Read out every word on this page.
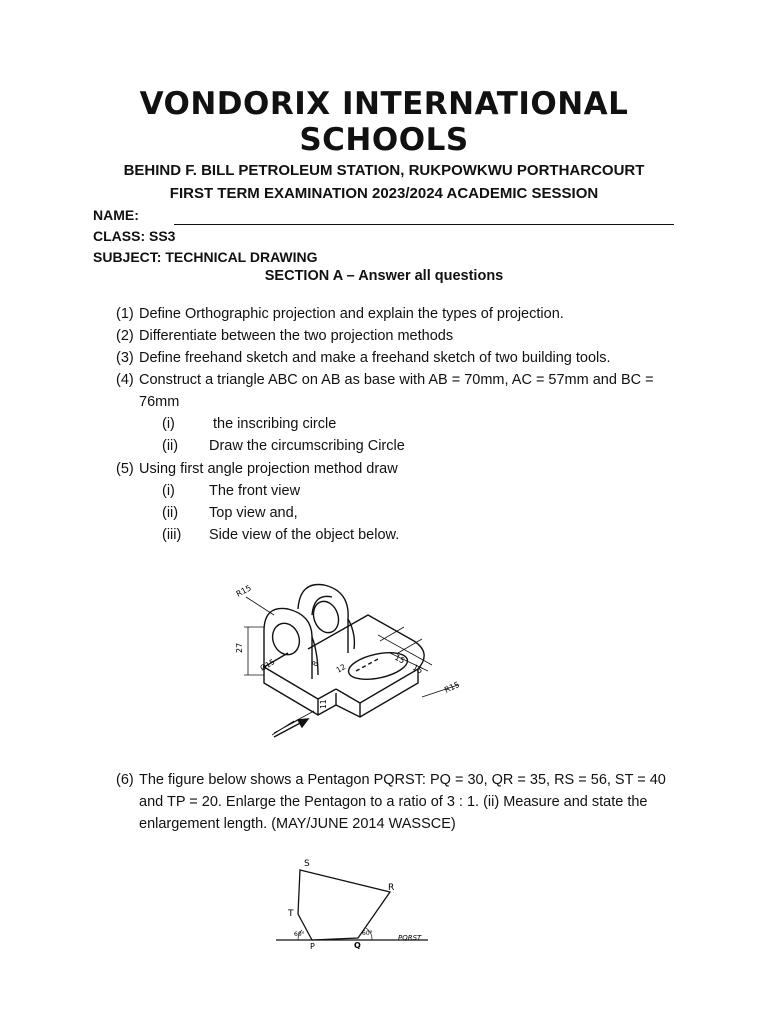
VONDORIX INTERNATIONAL
SCHOOLS
BEHIND F. BILL PETROLEUM STATION, RUKPOWKWU PORTHARCOURT
FIRST TERM EXAMINATION 2023/2024 ACADEMIC SESSION
NAME:
CLASS: SS3
SUBJECT: TECHNICAL DRAWING
SECTION A – Answer all questions
(1) Define Orthographic projection and explain the types of projection.
(2) Differentiate between the two projection methods
(3) Define freehand sketch and make a freehand sketch of two building tools.
(4) Construct a triangle ABC on AB as base with AB = 70mm, AC = 57mm and BC =
76mm
(i)	the inscribing circle
(ii) Draw the circumscribing Circle
(5) Using first angle projection method draw
(i) The front view
(ii) Top view and,
(iii) Side view of the object below.
(6) The figure below shows a Pentagon PQRST: PQ = 30, QR = 35, RS = 56, ST = 40
and TP = 20. Enlarge the Pentagon to a ratio of 3 : 1. (ii) Measure and state the
enlargement length. (MAY/JUNE 2014 WASSCE)
R15
27
Ø15	8 12
15
15
R15
11
S
R
T
P	Q
60°	60°
PQRST
